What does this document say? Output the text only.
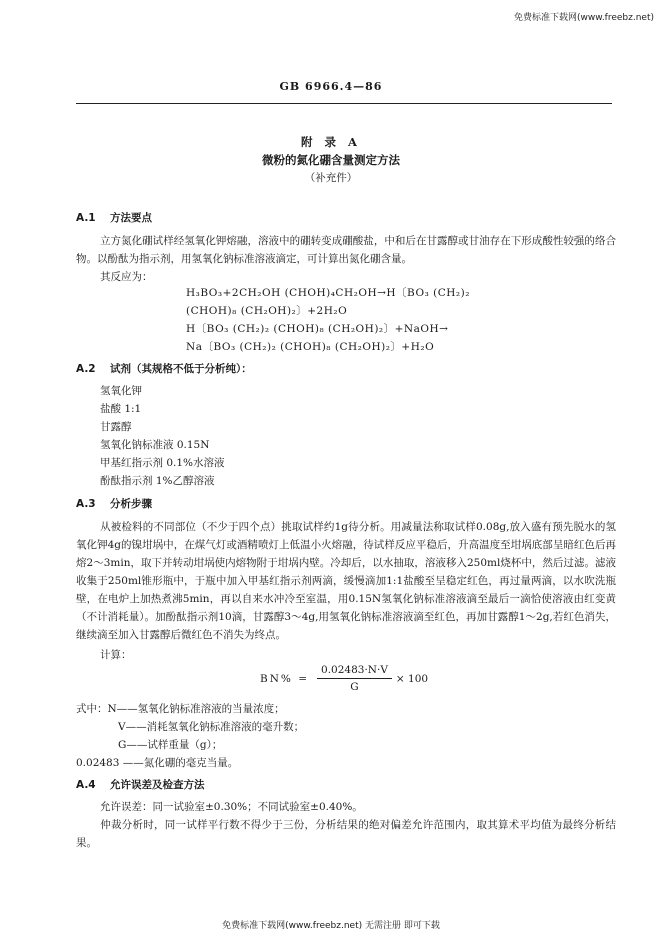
免费标准下载网(www.freebz.net)
GB 6966.4—86
附 录 A
微粉的氮化硼含量测定方法
（补充件）
A.1 方法要点
立方氮化硼试样经氢氧化钾熔融，溶液中的硼转变成硼酸盐，中和后在甘露醇或甘油存在下形成酸性较强的络合物。以酚酞为指示剂，用氢氧化钠标准溶液滴定，可计算出氮化硼含量。
其反应为：
H₃BO₃+2CH₂OH (CHOH)₄CH₂OH→H〔BO₃ (CH₂)₂
(CHOH)₈ (CH₂OH)₂〕+2H₂O
H〔BO₃ (CH₂)₂ (CHOH)₈ (CH₂OH)₂〕+NaOH→
Na〔BO₃ (CH₂)₂ (CHOH)₈ (CH₂OH)₂〕+H₂O
A.2 试剂（其规格不低于分析纯）：
氢氧化钾
盐酸 1:1
甘露醇
氢氧化钠标准液 0.15N
甲基红指示剂 0.1%水溶液
酚酞指示剂 1%乙醇溶液
A.3 分析步骤
从被检料的不同部位（不少于四个点）挑取试样约1g待分析。用减量法称取试样0.08g,放入盛有预先脱水的氢氧化钾4g的镍坩埚中，在煤气灯或酒精喷灯上低温小火熔融，待试样反应平稳后，升高温度至坩埚底部呈暗红色后再熔2～3min，取下并转动坩埚使内熔物附于坩埚内壁。冷却后，以水抽取，溶液移入250ml烧杯中，然后过滤。滤液收集于250ml锥形瓶中，于瓶中加入甲基红指示剂两滴，缓慢滴加1:1盐酸至呈稳定红色，再过量两滴，以水吹洗瓶壁，在电炉上加热煮沸5min，再以自来水冲冷至室温，用0.15N氢氧化钠标准溶液滴至最后一滴恰使溶液由红变黄（不计消耗量）。加酚酞指示剂10滴，甘露醇3～4g,用氢氧化钠标准溶液滴至红色，再加甘露醇1～2g,若红色消失，继续滴至加入甘露醇后微红色不消失为终点。
计算：
$BN\% = \frac{0.02483\cdot N\cdot V}{G} \times 100$
式中：N——氢氧化钠标准溶液的当量浓度；
V——消耗氢氧化钠标准溶液的毫升数；
G——试样重量（g）；
0.02483 ——氮化硼的毫克当量。
A.4 允许误差及检查方法
允许误差：同一试验室±0.30%；不同试验室±0.40%。
仲裁分析时，同一试样平行数不得少于三份，分析结果的绝对偏差允许范围内，取其算术平均值为最终分析结果。
免费标准下载网(www.freebz.net) 无需注册 即可下载
